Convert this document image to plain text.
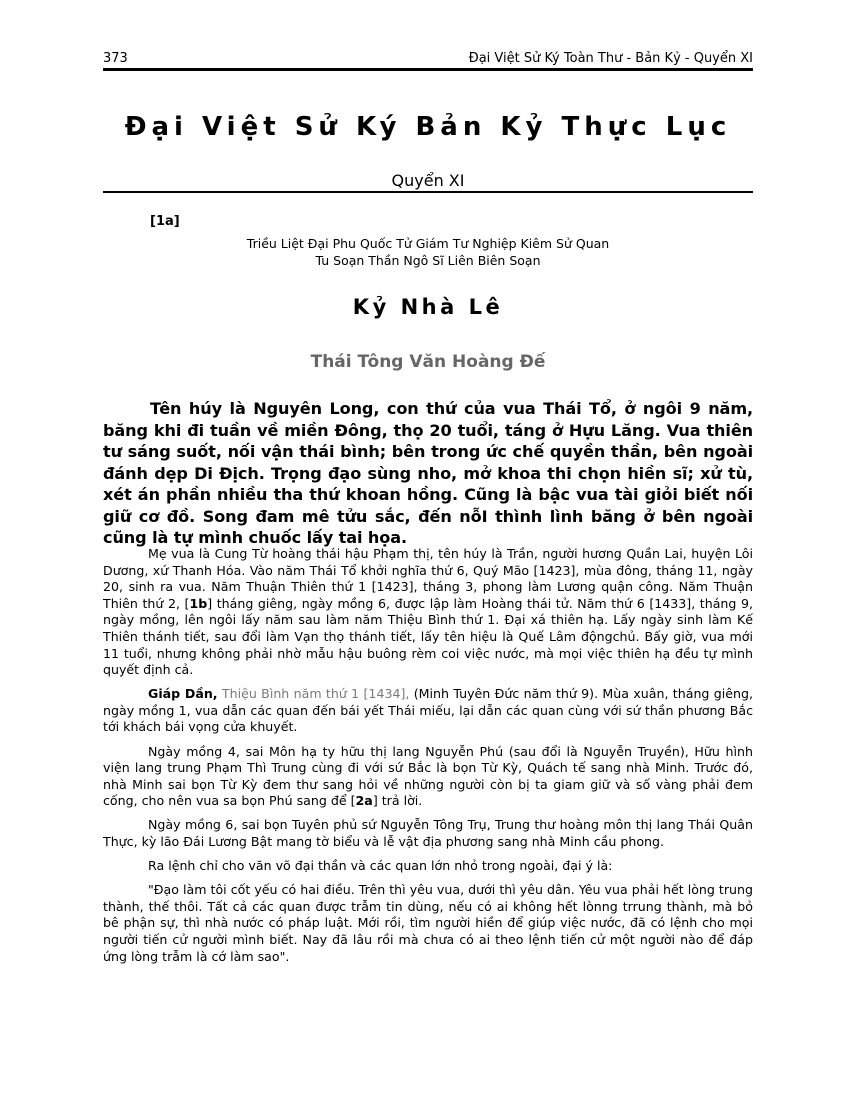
373	Đại Việt Sử Ký Toàn Thư - Bản Kỷ - Quyển XI
Đại Việt Sử Ký Bản Kỷ Thực Lục
Quyển XI
[1a]
Triều Liệt Đại Phu Quốc Tử Giám Tư Nghiệp Kiêm Sử Quan
Tu Soạn Thần Ngô Sĩ Liên Biên Soạn
Kỷ Nhà Lê
Thái Tông Văn Hoàng Đế

Tên húy là Nguyên Long, con thứ của vua Thái Tổ, ở ngôi 9 năm, băng khi đi tuần về miền Đông, thọ 20 tuổi, táng ở Hựu Lăng. Vua thiên tư sáng suốt, nối vận thái bình; bên trong ức chế quyền thần, bên ngoài đánh dẹp Di Địch. Trọng đạo sùng nho, mở khoa thi chọn hiền sĩ; xử tù, xét án phần nhiều tha thứ khoan hồng. Cũng là bậc vua tài giỏi biết nối giữ cơ đồ. Song đam mê tửu sắc, đến nỗI thình lình băng ở bên ngoài cũng là tự mình chuốc lấy tai họa.

Mẹ vua là Cung Từ hoàng thái hậu Phạm thị, tên húy là Trần, người hương Quần Lai, huyện Lôi Dương, xứ Thanh Hóa. Vào năm Thái Tổ khởi nghĩa thứ 6, Quý Mão [1423], mùa đông, tháng 11, ngày 20, sinh ra vua. Năm Thuận Thiên thứ 1 [1423], tháng 3, phong làm Lương quận công. Năm Thuận Thiên thứ 2, [1b] tháng giêng, ngày mồng 6, được lập làm Hoàng thái tử. Năm thứ 6 [1433], tháng 9, ngày mồng, lên ngôi lấy năm sau làm năm Thiệu Bình thứ 1. Đại xá thiên hạ. Lấy ngày sinh làm Kế Thiên thánh tiết, sau đổi làm Vạn thọ thánh tiết, lấy tên hiệu là Quế Lâm độngchủ. Bấy giờ, vua mới 11 tuổi, nhưng không phải nhờ mẫu hậu buông rèm coi việc nước, mà mọi việc thiên hạ đều tự mình quyết định cả.

Giáp Dần, Thiệu Bình năm thứ 1 [1434], (Minh Tuyên Đức năm thứ 9). Mùa xuân, tháng giêng, ngày mồng 1, vua dẫn các quan đến bái yết Thái miếu, lại dẫn các quan cùng với sứ thần phương Bắc tới khách bái vọng cửa khuyết.

Ngày mồng 4, sai Môn hạ ty hữu thị lang Nguyễn Phú (sau đổi là Nguyễn Truyền), Hữu hình viện lang trung Phạm Thì Trung cùng đi với sứ Bắc là bọn Từ Kỳ, Quách tế sang nhà Minh. Trước đó, nhà Minh sai bọn Từ Kỳ đem thư sang hỏi về những người còn bị ta giam giữ và số vàng phải đem cống, cho nên vua sa bọn Phú sang để [2a] trả lời.

Ngày mồng 6, sai bọn Tuyên phủ sứ Nguyễn Tông Trụ, Trung thư hoàng môn thị lang Thái Quân Thực, kỳ lão Đái Lương Bật mang tờ biểu và lễ vật địa phương sang nhà Minh cầu phong.

Ra lệnh chỉ cho văn võ đại thần và các quan lớn nhỏ trong ngoài, đại ý là:

"Đạo làm tôi cốt yếu có hai điều. Trên thì yêu vua, dưới thì yêu dân. Yêu vua phải hết lòng trung thành, thế thôi. Tất cả các quan được trẫm tin dùng, nếu có ai không hết lònng trrung thành, mà bỏ bê phận sự, thì nhà nước có pháp luật. Mới rồi, tìm người hiền để giúp việc nước, đã có lệnh cho mọi người tiến cử người mình biết. Nay đã lâu rồi mà chưa có ai theo lệnh tiến cử một người nào để đáp ứng lòng trẫm là cớ làm sao".
